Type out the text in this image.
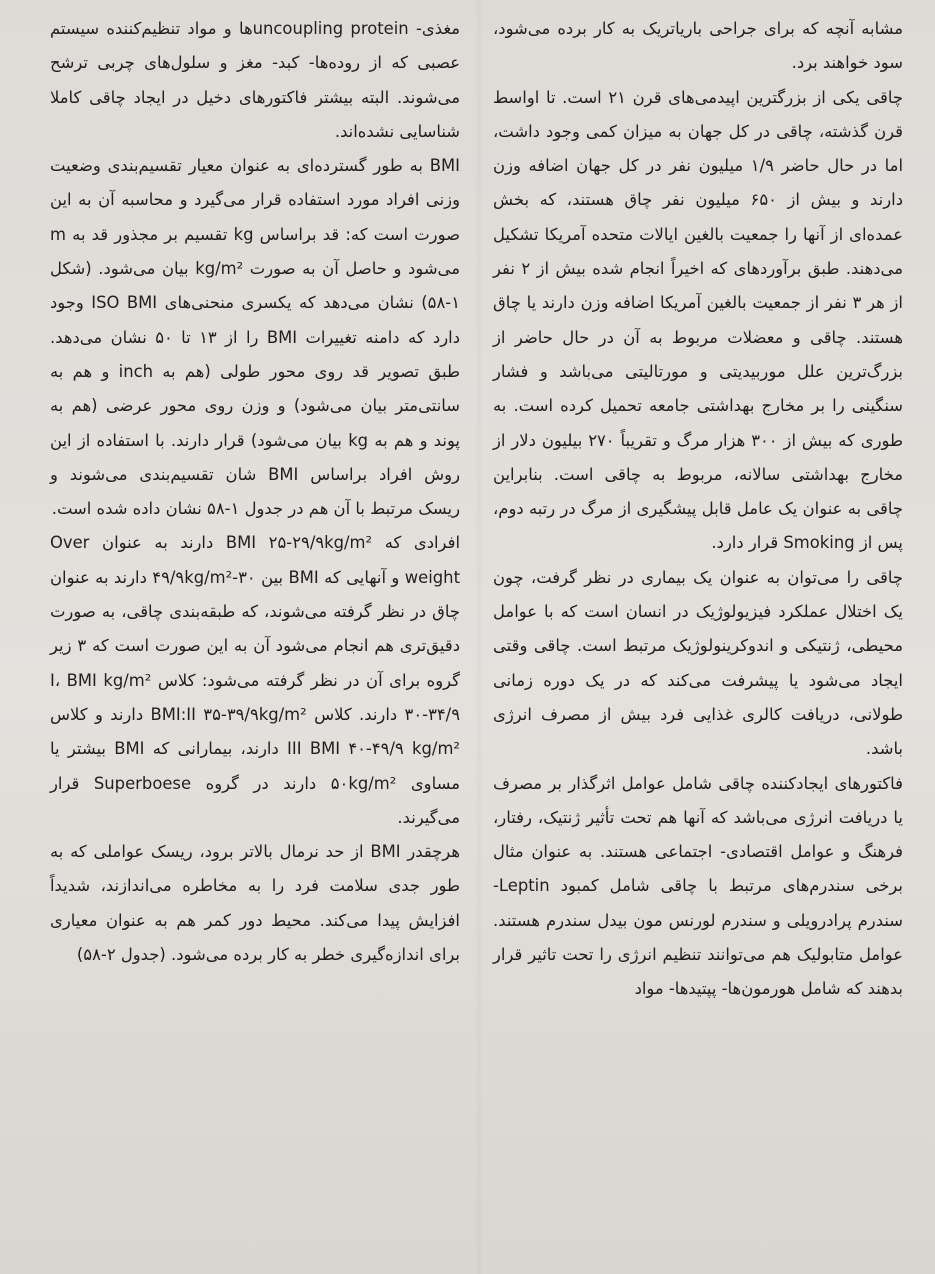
مشابه آنچه که برای جراحی باریاتریک به کار برده می‌شود، سود خواهند برد.

چاقی یکی از بزرگترین اپیدمی‌های قرن ۲۱ است. تا اواسط قرن گذشته، چاقی در کل جهان به میزان کمی وجود داشت، اما در حال حاضر ۱/۹ میلیون نفر در کل جهان اضافه وزن دارند و بیش از ۶۵۰ میلیون نفر چاق هستند، که بخش عمده‌ای از آنها را جمعیت بالغین ایالات متحده آمریکا تشکیل می‌دهند. طبق برآوردهای که اخیراً انجام شده بیش از ۲ نفر از هر ۳ نفر از جمعیت بالغین آمریکا اضافه وزن دارند یا چاق هستند. چاقی و معضلات مربوط به آن در حال حاضر از بزرگ‌ترین علل موربیدیتی و مورتالیتی می‌باشد و فشار سنگینی را بر مخارج بهداشتی جامعه تحمیل کرده است. به طوری که بیش از ۳۰۰ هزار مرگ و تقریباً ۲۷۰ بیلیون دلار از مخارج بهداشتی سالانه، مربوط به چاقی است. بنابراین چاقی به عنوان یک عامل قابل پیشگیری از مرگ در رتبه دوم، پس از Smoking قرار دارد.

چاقی را می‌توان به عنوان یک بیماری در نظر گرفت، چون یک اختلال عملکرد فیزیولوژیک در انسان است که با عوامل محیطی، ژنتیکی و اندوکرینولوژیک مرتبط است. چاقی وقتی ایجاد می‌شود یا پیشرفت می‌کند که در یک دوره زمانی طولانی، دریافت کالری غذایی فرد بیش از مصرف انرژی باشد.

فاکتورهای ایجادکننده چاقی شامل عوامل اثرگذار بر مصرف یا دریافت انرژی می‌باشد که آنها هم تحت تأثیر ژنتیک، رفتار، فرهنگ و عوامل اقتصادی- اجتماعی هستند. به عنوان مثال برخی سندرم‌های مرتبط با چاقی شامل کمبود Leptin- سندرم پرادرویلی و سندرم لورنس مون بیدل سندرم هستند. عوامل متابولیک هم می‌توانند تنظیم انرژی را تحت تاثیر قرار بدهند که شامل هورمون‌ها- پپتیدها- مواد

مغذی- uncoupling proteinها و مواد تنظیم‌کننده سیستم عصبی که از روده‌ها- کبد- مغز و سلول‌های چربی ترشح می‌شوند. البته بیشتر فاکتورهای دخیل در ایجاد چاقی کاملا شناسایی نشده‌اند.

BMI به طور گسترده‌ای به عنوان معیار تقسیم‌بندی وضعیت وزنی افراد مورد استفاده قرار می‌گیرد و محاسبه آن به این صورت است که: قد براساس kg تقسیم بر مجذور قد به m می‌شود و حاصل آن به صورت kg/m² بیان می‌شود. (شکل ۱-۵۸) نشان می‌دهد که یکسری منحنی‌های ISO BMI وجود دارد که دامنه تغییرات BMI را از ۱۳ تا ۵۰ نشان می‌دهد. طبق تصویر قد روی محور طولی (هم به inch و هم به سانتی‌متر بیان می‌شود) و وزن روی محور عرضی (هم به پوند و هم به kg بیان می‌شود) قرار دارند. با استفاده از این روش افراد براساس BMI شان تقسیم‌بندی می‌شوند و ریسک مرتبط با آن هم در جدول ۱-۵۸ نشان داده شده است.

افرادی که BMI ۲۵-۲۹/۹kg/m² دارند به عنوان Over weight و آنهایی که BMI بین ۴۹/۹kg/m²-۳۰ دارند به عنوان چاق در نظر گرفته می‌شوند، که طبقه‌بندی چاقی، به صورت دقیق‌تری هم انجام می‌شود آن به این صورت است که ۳ زیر گروه برای آن در نظر گرفته می‌شود: کلاس I، BMI kg/m² ۳۰-۳۴/۹ دارند. کلاس BMI:II ۳۵-۳۹/۹kg/m² دارند و کلاس III BMI ۴۰-۴۹/۹ kg/m² دارند، بیمارانی که BMI بیشتر یا مساوی ۵۰kg/m² دارند در گروه Superboese قرار می‌گیرند.

هرچقدر BMI از حد نرمال بالاتر برود، ریسک عواملی که به طور جدی سلامت فرد را به مخاطره می‌اندازند، شدیداً افزایش پیدا می‌کند. محیط دور کمر هم به عنوان معیاری برای اندازه‌گیری خطر به کار برده می‌شود. (جدول ۲-۵۸)
